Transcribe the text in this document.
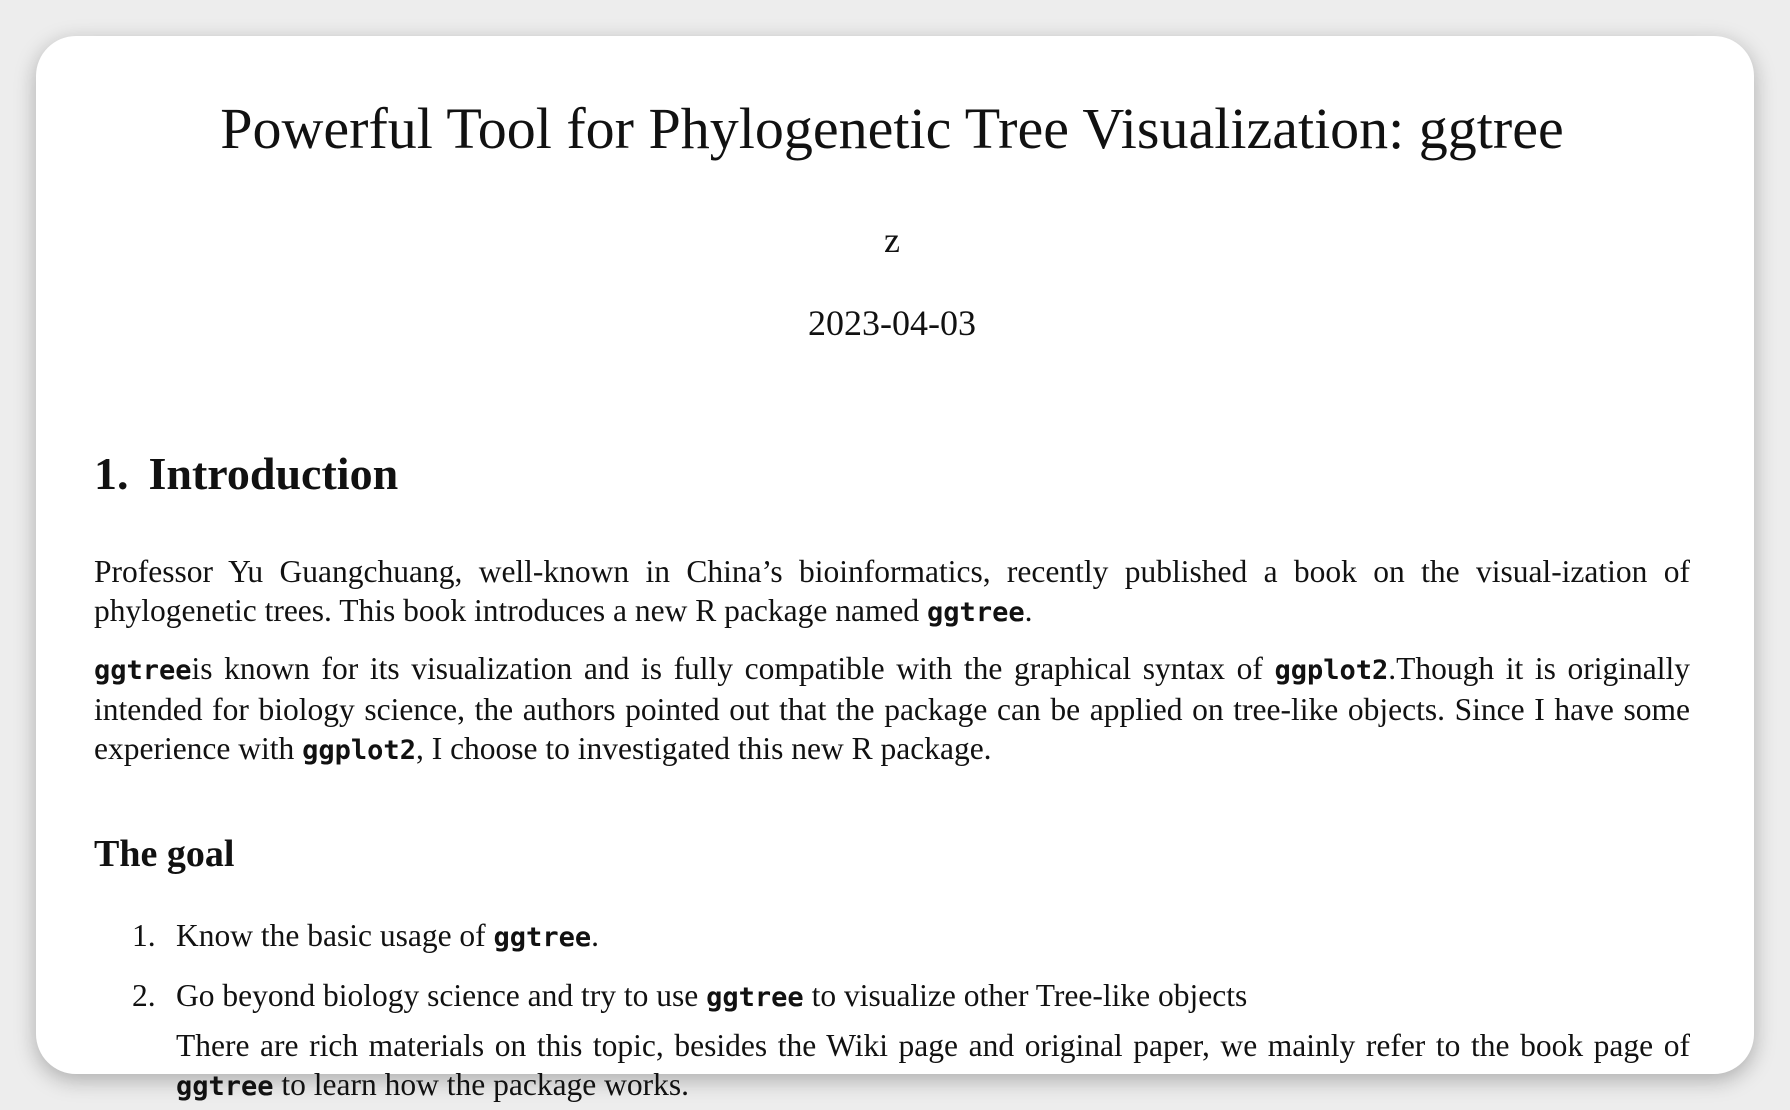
Powerful Tool for Phylogenetic Tree Visualization: ggtree
z
2023-04-03
1. Introduction

Professor Yu Guangchuang, well-known in China’s bioinformatics, recently published a book on the visual-ization of phylogenetic trees. This book introduces a new R package named ggtree.

ggtreeis known for its visualization and is fully compatible with the graphical syntax of ggplot2.Though it is originally intended for biology science, the authors pointed out that the package can be applied on tree-like objects. Since I have some experience with ggplot2, I choose to investigated this new R package.

The goal
1. Know the basic usage of ggtree.
2. Go beyond biology science and try to use ggtree to visualize other Tree-like objects
There are rich materials on this topic, besides the Wiki page and original paper, we mainly refer to the book page of ggtree to learn how the package works.
